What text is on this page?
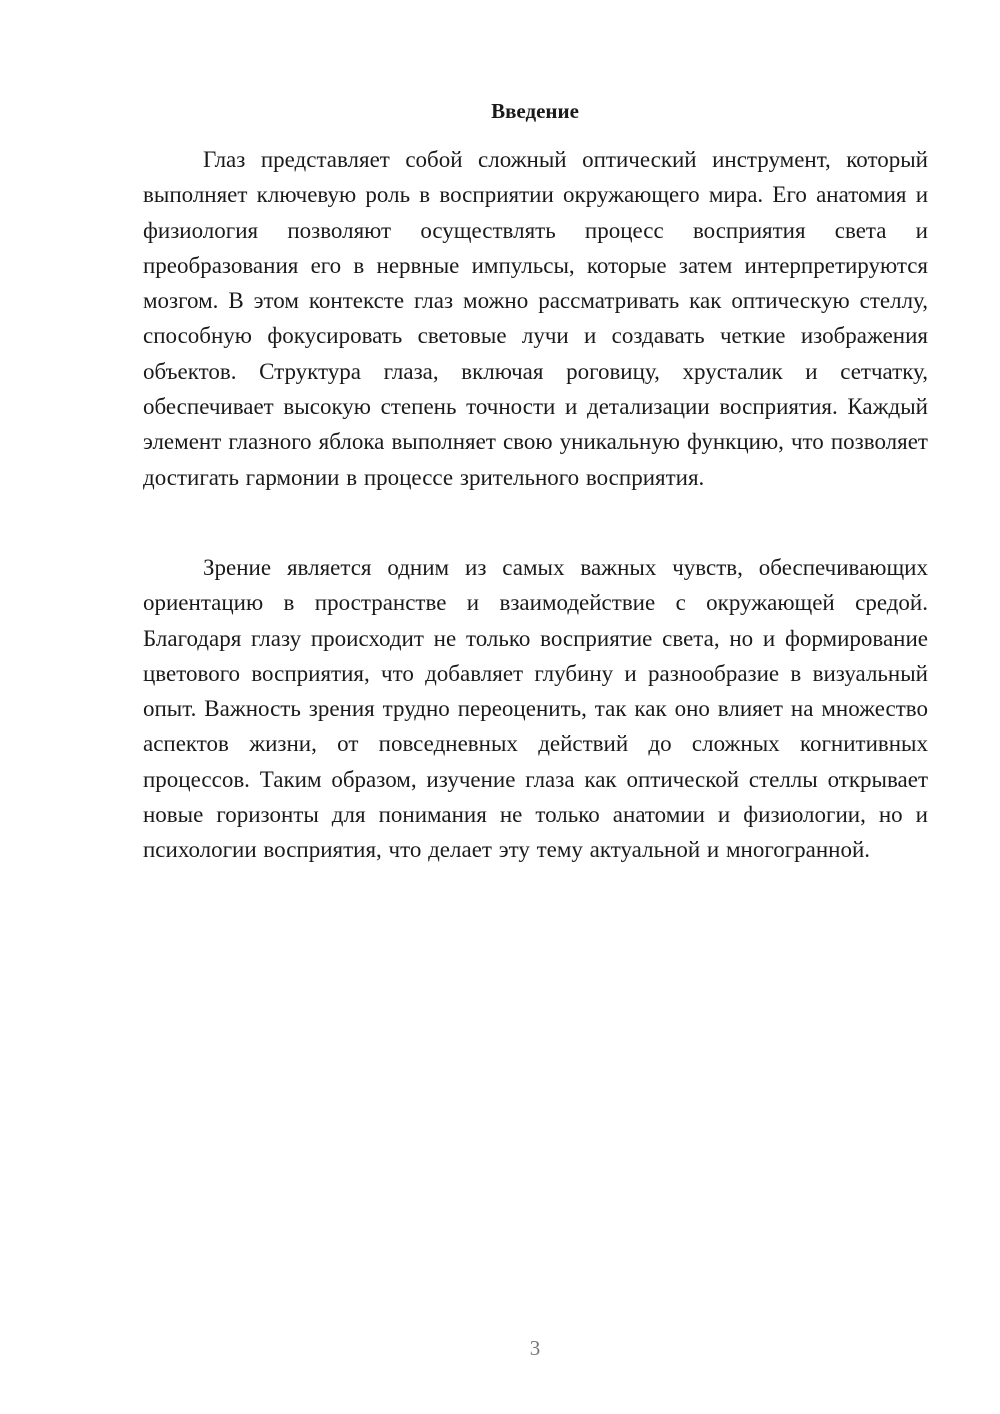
Введение

Глаз представляет собой сложный оптический инструмент, который выполняет ключевую роль в восприятии окружающего мира. Его анатомия и физиология позволяют осуществлять процесс восприятия света и преобразования его в нервные импульсы, которые затем интерпретируются мозгом. В этом контексте глаз можно рассматривать как оптическую стеллу, способную фокусировать световые лучи и создавать четкие изображения объектов. Структура глаза, включая роговицу, хрусталик и сетчатку, обеспечивает высокую степень точности и детализации восприятия. Каждый элемент глазного яблока выполняет свою уникальную функцию, что позволяет достигать гармонии в процессе зрительного восприятия.

Зрение является одним из самых важных чувств, обеспечивающих ориентацию в пространстве и взаимодействие с окружающей средой. Благодаря глазу происходит не только восприятие света, но и формирование цветового восприятия, что добавляет глубину и разнообразие в визуальный опыт. Важность зрения трудно переоценить, так как оно влияет на множество аспектов жизни, от повседневных действий до сложных когнитивных процессов. Таким образом, изучение глаза как оптической стеллы открывает новые горизонты для понимания не только анатомии и физиологии, но и психологии восприятия, что делает эту тему актуальной и многогранной.

3
